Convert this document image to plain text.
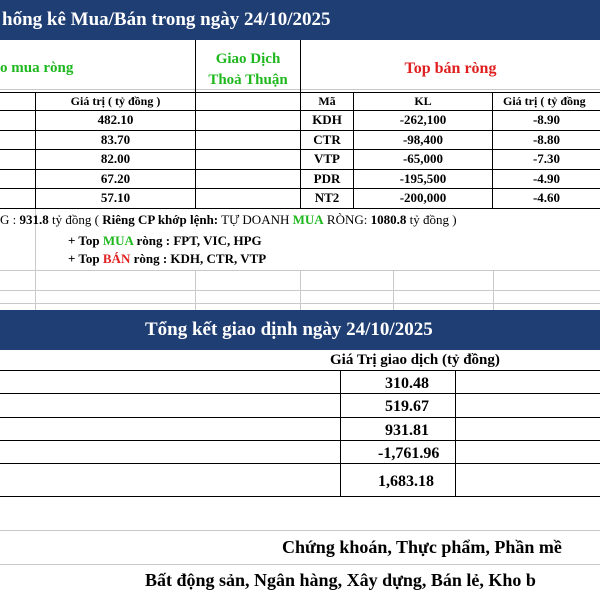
hống kê Mua/Bán trong ngày 24/10/2025
o mua ròng
Giao Dịch
Thoả Thuận
Top bán ròng
Giá trị ( tỷ đồng )	Mã	KL	Giá trị ( tỷ đồng
482.10	KDH	-262,100	-8.90
83.70	CTR	-98,400	-8.80
82.00	VTP	-65,000	-7.30
67.20	PDR	-195,500	-4.90
57.10	NT2	-200,000	-4.60
G : 931.8 tỷ đồng ( Riêng CP khớp lệnh: TỰ DOANH MUA RÒNG: 1080.8 tỷ đồng )
+ Top MUA ròng : FPT, VIC, HPG
+ Top BÁN ròng : KDH, CTR, VTP
Tổng kết giao dịnh ngày 24/10/2025
Giá Trị giao dịch (tỷ đồng)
310.48
519.67
931.81
-1,761.96
1,683.18
Chứng khoán, Thực phẩm, Phần mề
Bất động sản, Ngân hàng, Xây dựng, Bán lẻ, Kho b
